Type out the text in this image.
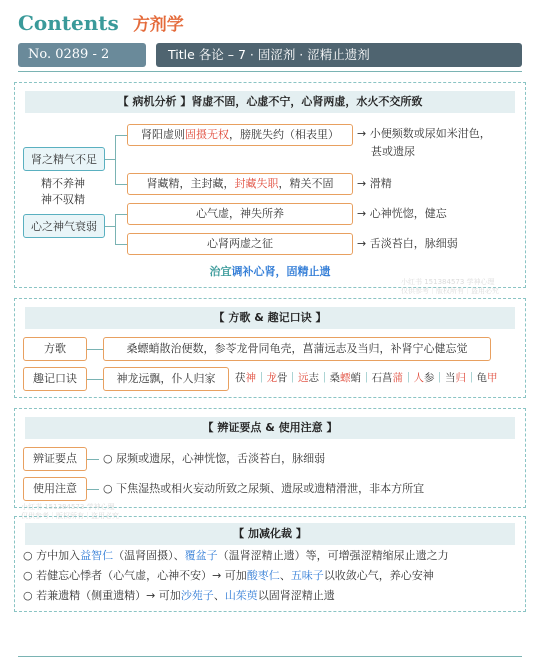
Contents 方剂学
No. 0289 - 2	Title 各论 – 7 · 固涩剂 · 涩精止遗剂
【 病机分析 】肾虚不固，心虚不宁，心肾两虚，水火不交所致
肾之精气不足
精不养神
神不驭精
心之神气衰弱
肾阳虚则 固摄无权 ，膀胱失约（相表里） → 小便频数或尿如米泔色，
甚或遗尿
肾藏精，主封藏， 封藏失职 ，精关不固 → 滑精
心气虚，神失所养	→ 心神恍惚，健忘
心肾两虚之征	→ 舌淡苔白，脉细弱
治宜调补心肾，固精止遗
小红书 151384573 学神心理
仅供参考｜版权所有｜盗用必究
【 方歌 & 趣记口诀 】
方歌	桑螵蛸散治便数，参苓龙骨同龟壳，菖蒲远志及当归，补肾宁心健忘觉
趣记口诀	神龙远飘，仆人归家	茯神｜龙骨｜远志｜桑螵蛸｜石菖蒲｜人参｜当归｜龟甲
【 辨证要点 & 使用注意 】
辨证要点	○ 尿频或遗尿，心神恍惚，舌淡苔白，脉细弱
使用注意	○ 下焦湿热或相火妄动所致之尿频、遗尿或遗精滑泄，非本方所宜
小红书 151384573 学神心理
仅供参考｜版权所有｜盗用必究
【 加减化裁 】
○ 方中加入益智仁（温肾固摄）、覆盆子（温肾涩精止遗）等，可增强涩精缩尿止遗之力
○ 若健忘心悸者（心气虚，心神不安）→ 可加酸枣仁、五味子以收敛心气，养心安神
○ 若兼遗精（侧重遗精）→ 可加沙苑子、山茱萸以固肾涩精止遗
